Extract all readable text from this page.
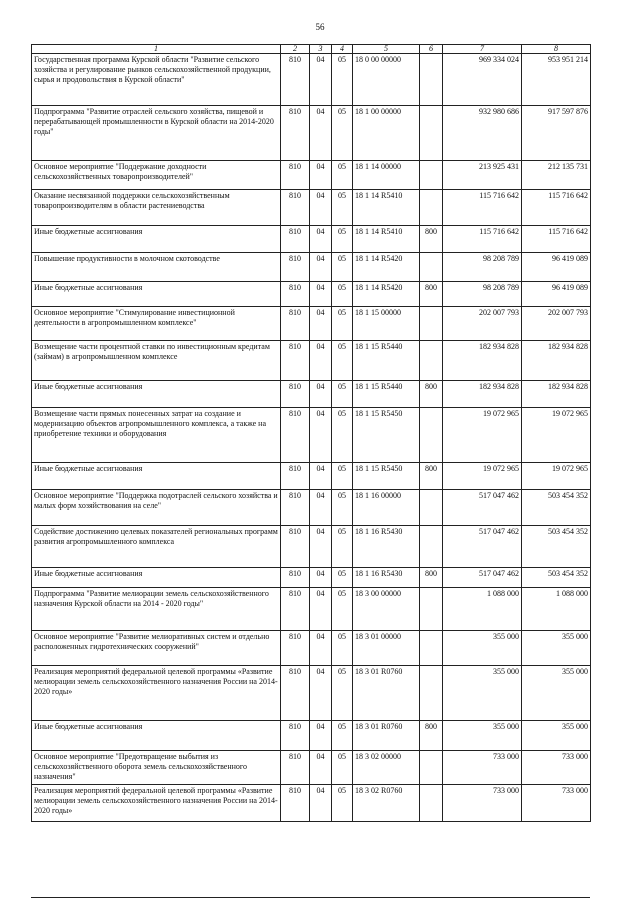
56
1	2	3	4	5	6	7	8
Государственная программа Курской области "Развитие сельского хозяйства и регулирование рынков сельскохозяйственной продукции, сырья и продовольствия в Курской области"	810	04	05	18 0 00 00000		969 334 024	953 951 214
Подпрограмма "Развитие отраслей сельского хозяйства, пищевой и перерабатывающей промышленности в Курской области на 2014-2020 годы"	810	04	05	18 1 00 00000		932 980 686	917 597 876
Основное мероприятие "Поддержание доходности сельскохозяйственных товаропроизводителей"	810	04	05	18 1 14 00000		213 925 431	212 135 731
Оказание несвязанной поддержки сельскохозяйственным товаропроизводителям в области растениеводства	810	04	05	18 1 14 R5410		115 716 642	115 716 642
Иные бюджетные ассигнования	810	04	05	18 1 14 R5410	800	115 716 642	115 716 642
Повышение продуктивности в молочном скотоводстве	810	04	05	18 1 14 R5420		98 208 789	96 419 089
Иные бюджетные ассигнования	810	04	05	18 1 14 R5420	800	98 208 789	96 419 089
Основное мероприятие "Стимулирование инвестиционной деятельности в агропромышленном комплексе"	810	04	05	18 1 15 00000		202 007 793	202 007 793
Возмещение части процентной ставки по инвестиционным кредитам (займам) в агропромышленном комплексе	810	04	05	18 1 15 R5440		182 934 828	182 934 828
Иные бюджетные ассигнования	810	04	05	18 1 15 R5440	800	182 934 828	182 934 828
Возмещение части прямых понесенных затрат на создание и модернизацию объектов агропромышленного комплекса, а также на приобретение техники и оборудования	810	04	05	18 1 15 R5450		19 072 965	19 072 965
Иные бюджетные ассигнования	810	04	05	18 1 15 R5450	800	19 072 965	19 072 965
Основное мероприятие "Поддержка подотраслей сельского хозяйства и малых форм хозяйствования на селе"	810	04	05	18 1 16 00000		517 047 462	503 454 352
Содействие достижению целевых показателей региональных программ развития агропромышленного комплекса	810	04	05	18 1 16 R5430		517 047 462	503 454 352
Иные бюджетные ассигнования	810	04	05	18 1 16 R5430	800	517 047 462	503 454 352
Подпрограмма "Развитие мелиорации земель сельскохозяйственного назначения Курской области на 2014 - 2020 годы"	810	04	05	18 3 00 00000		1 088 000	1 088 000
Основное мероприятие "Развитие мелиоративных систем и отдельно расположенных гидротехнических сооружений"	810	04	05	18 3 01 00000		355 000	355 000
Реализация мероприятий федеральной целевой программы «Развитие мелиорации земель сельскохозяйственного назначения России на 2014-2020 годы»	810	04	05	18 3 01 R0760		355 000	355 000
Иные бюджетные ассигнования	810	04	05	18 3 01 R0760	800	355 000	355 000
Основное мероприятие "Предотвращение выбытия из сельскохозяйственного оборота земель сельскохозяйственного назначения"	810	04	05	18 3 02 00000		733 000	733 000
Реализация мероприятий федеральной целевой программы «Развитие мелиорации земель сельскохозяйственного назначения России на 2014-2020 годы»	810	04	05	18 3 02 R0760		733 000	733 000
